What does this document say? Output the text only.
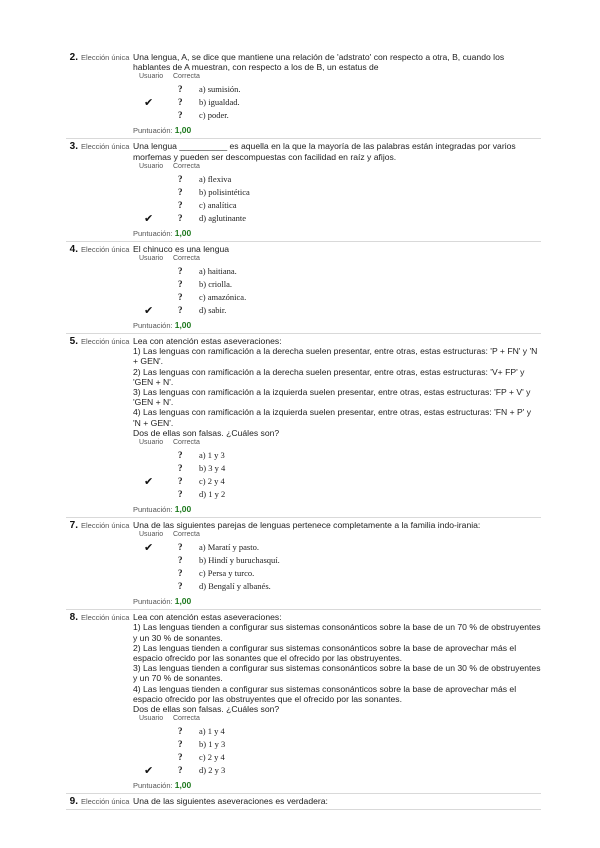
2. Elección única Una lengua, A, se dice que mantiene una relación de 'adstrato' con respecto a otra, B, cuando los hablantes de A muestran, con respecto a los de B, un estatus de
Usuario Correcta
? a) sumisión.
✔	? b) igualdad.
? c) poder.
Puntuación: 1,00
3. Elección única Una lengua __________ es aquella en la que la mayoría de las palabras están integradas por varios morfemas y pueden ser descompuestas con facilidad en raíz y afijos.
Usuario Correcta
? a) flexiva
? b) polisintética
? c) analítica
✔	? d) aglutinante
Puntuación: 1,00
4. Elección única El chinuco es una lengua
Usuario Correcta
? a) haitiana.
? b) criolla.
? c) amazónica.
✔	? d) sabir.
Puntuación: 1,00
5. Elección única Lea con atención estas aseveraciones:
1) Las lenguas con ramificación a la derecha suelen presentar, entre otras, estas estructuras: 'P + FN' y 'N + GEN'.
2) Las lenguas con ramificación a la derecha suelen presentar, entre otras, estas estructuras: 'V+ FP' y 'GEN + N'.
3) Las lenguas con ramificación a la izquierda suelen presentar, entre otras, estas estructuras: 'FP + V' y 'GEN + N'.
4) Las lenguas con ramificación a la izquierda suelen presentar, entre otras, estas estructuras: 'FN + P' y 'N + GEN'.
Dos de ellas son falsas. ¿Cuáles son?
Usuario Correcta
? a) 1 y 3
? b) 3 y 4
✔	? c) 2 y 4
? d) 1 y 2
Puntuación: 1,00
7. Elección única Una de las siguientes parejas de lenguas pertenece completamente a la familia indo-irania:
Usuario Correcta
✔	? a) Maratí y pasto.
? b) Hindí y buruchasquí.
? c) Persa y turco.
? d) Bengalí y albanés.
Puntuación: 1,00
8. Elección única Lea con atención estas aseveraciones:
1) Las lenguas tienden a configurar sus sistemas consonánticos sobre la base de un 70 % de obstruyentes y un 30 % de sonantes.
2) Las lenguas tienden a configurar sus sistemas consonánticos sobre la base de aprovechar más el espacio ofrecido por las sonantes que el ofrecido por las obstruyentes.
3) Las lenguas tienden a configurar sus sistemas consonánticos sobre la base de un 30 % de obstruyentes y un 70 % de sonantes.
4) Las lenguas tienden a configurar sus sistemas consonánticos sobre la base de aprovechar más el espacio ofrecido por las obstruyentes que el ofrecido por las sonantes.
Dos de ellas son falsas. ¿Cuáles son?
Usuario Correcta
? a) 1 y 4
? b) 1 y 3
? c) 2 y 4
✔	? d) 2 y 3
Puntuación: 1,00
9. Elección única Una de las siguientes aseveraciones es verdadera:
